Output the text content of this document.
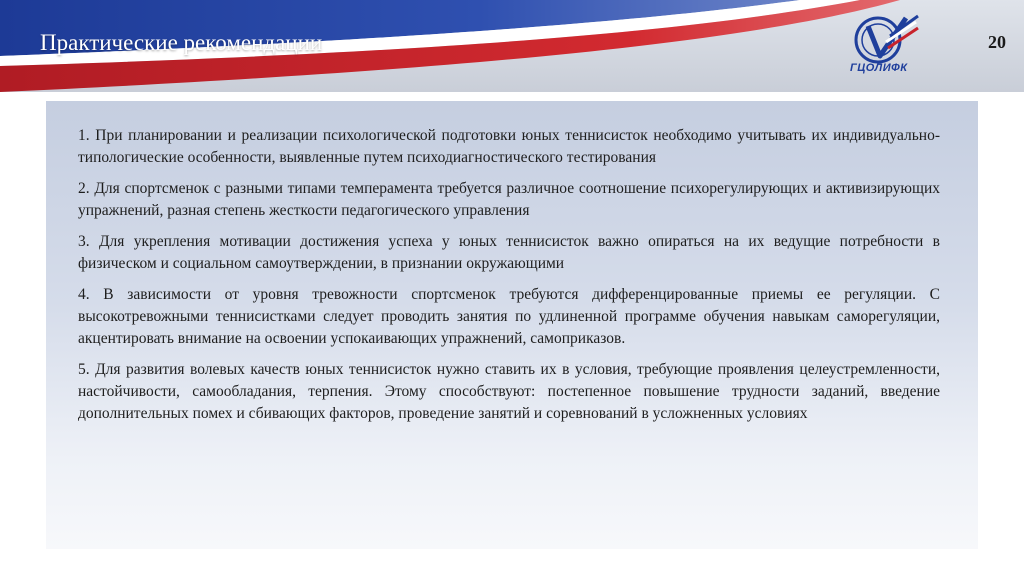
Практические рекомендации
ГЦОЛИФК
20

1. При планировании и реализации психологической подготовки юных теннисисток необходимо учитывать их индивидуально-типологические особенности, выявленные путем психодиагностического тестирования

2. Для спортсменок с разными типами темперамента требуется различное соотношение психорегулирующих и активизирующих упражнений, разная степень жесткости педагогического управления

3. Для укрепления мотивации достижения успеха у юных теннисисток важно опираться на их ведущие потребности в физическом и социальном самоутверждении, в признании окружающими

4. В зависимости от уровня тревожности спортсменок требуются дифференцированные приемы ее регуляции. С высокотревожными теннисистками следует проводить занятия по удлиненной программе обучения навыкам саморегуляции, акцентировать внимание на освоении успокаивающих упражнений, самоприказов.

5. Для развития волевых качеств юных теннисисток нужно ставить их в условия, требующие проявления целеустремленности, настойчивости, самообладания, терпения. Этому способствуют: постепенное повышение трудности заданий, введение дополнительных помех и сбивающих факторов, проведение занятий и соревнований в усложненных условиях
